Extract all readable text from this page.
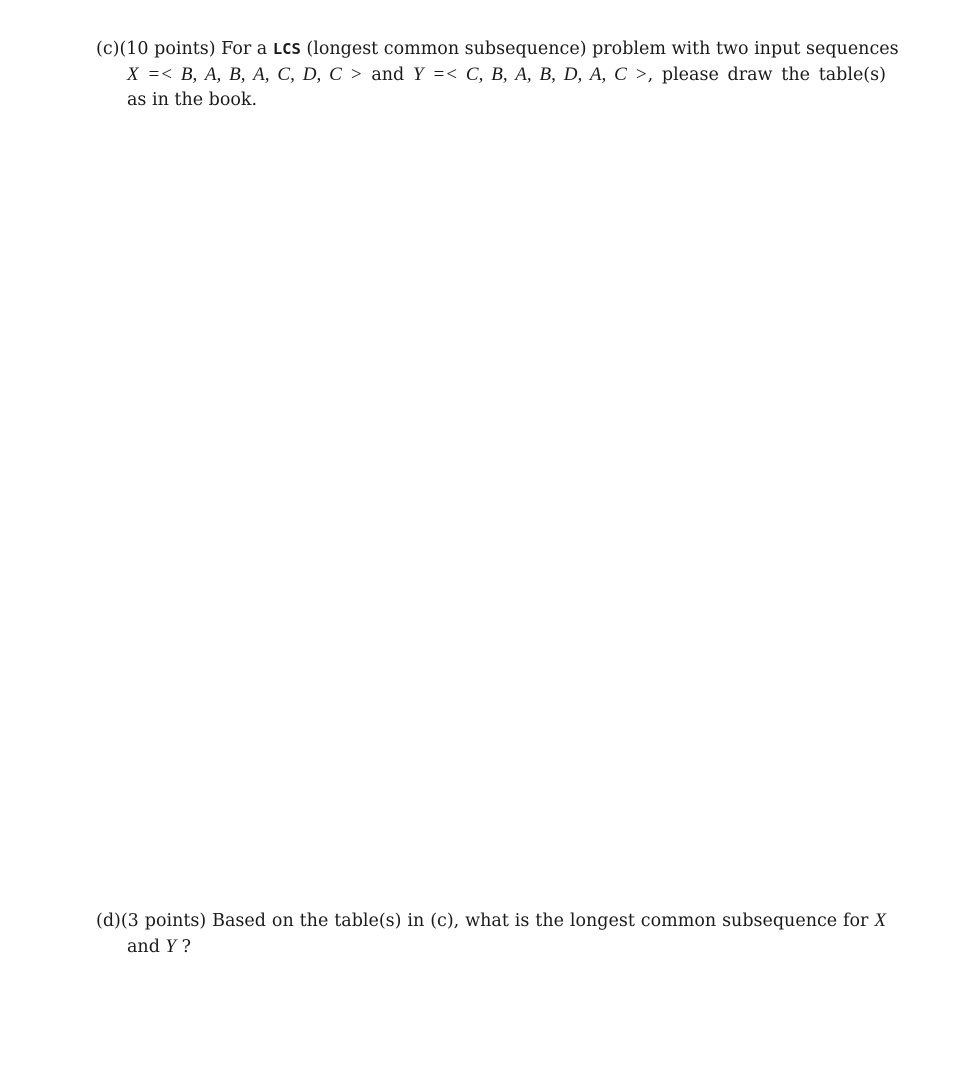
(c)(10 points) For a LCS (longest common subsequence) problem with two input sequences
X =< B, A, B, A, C, D, C > and Y =< C, B, A, B, D, A, C >, please draw the table(s)
as in the book.
(d)(3 points) Based on the table(s) in (c), what is the longest common subsequence for X
and Y ?
